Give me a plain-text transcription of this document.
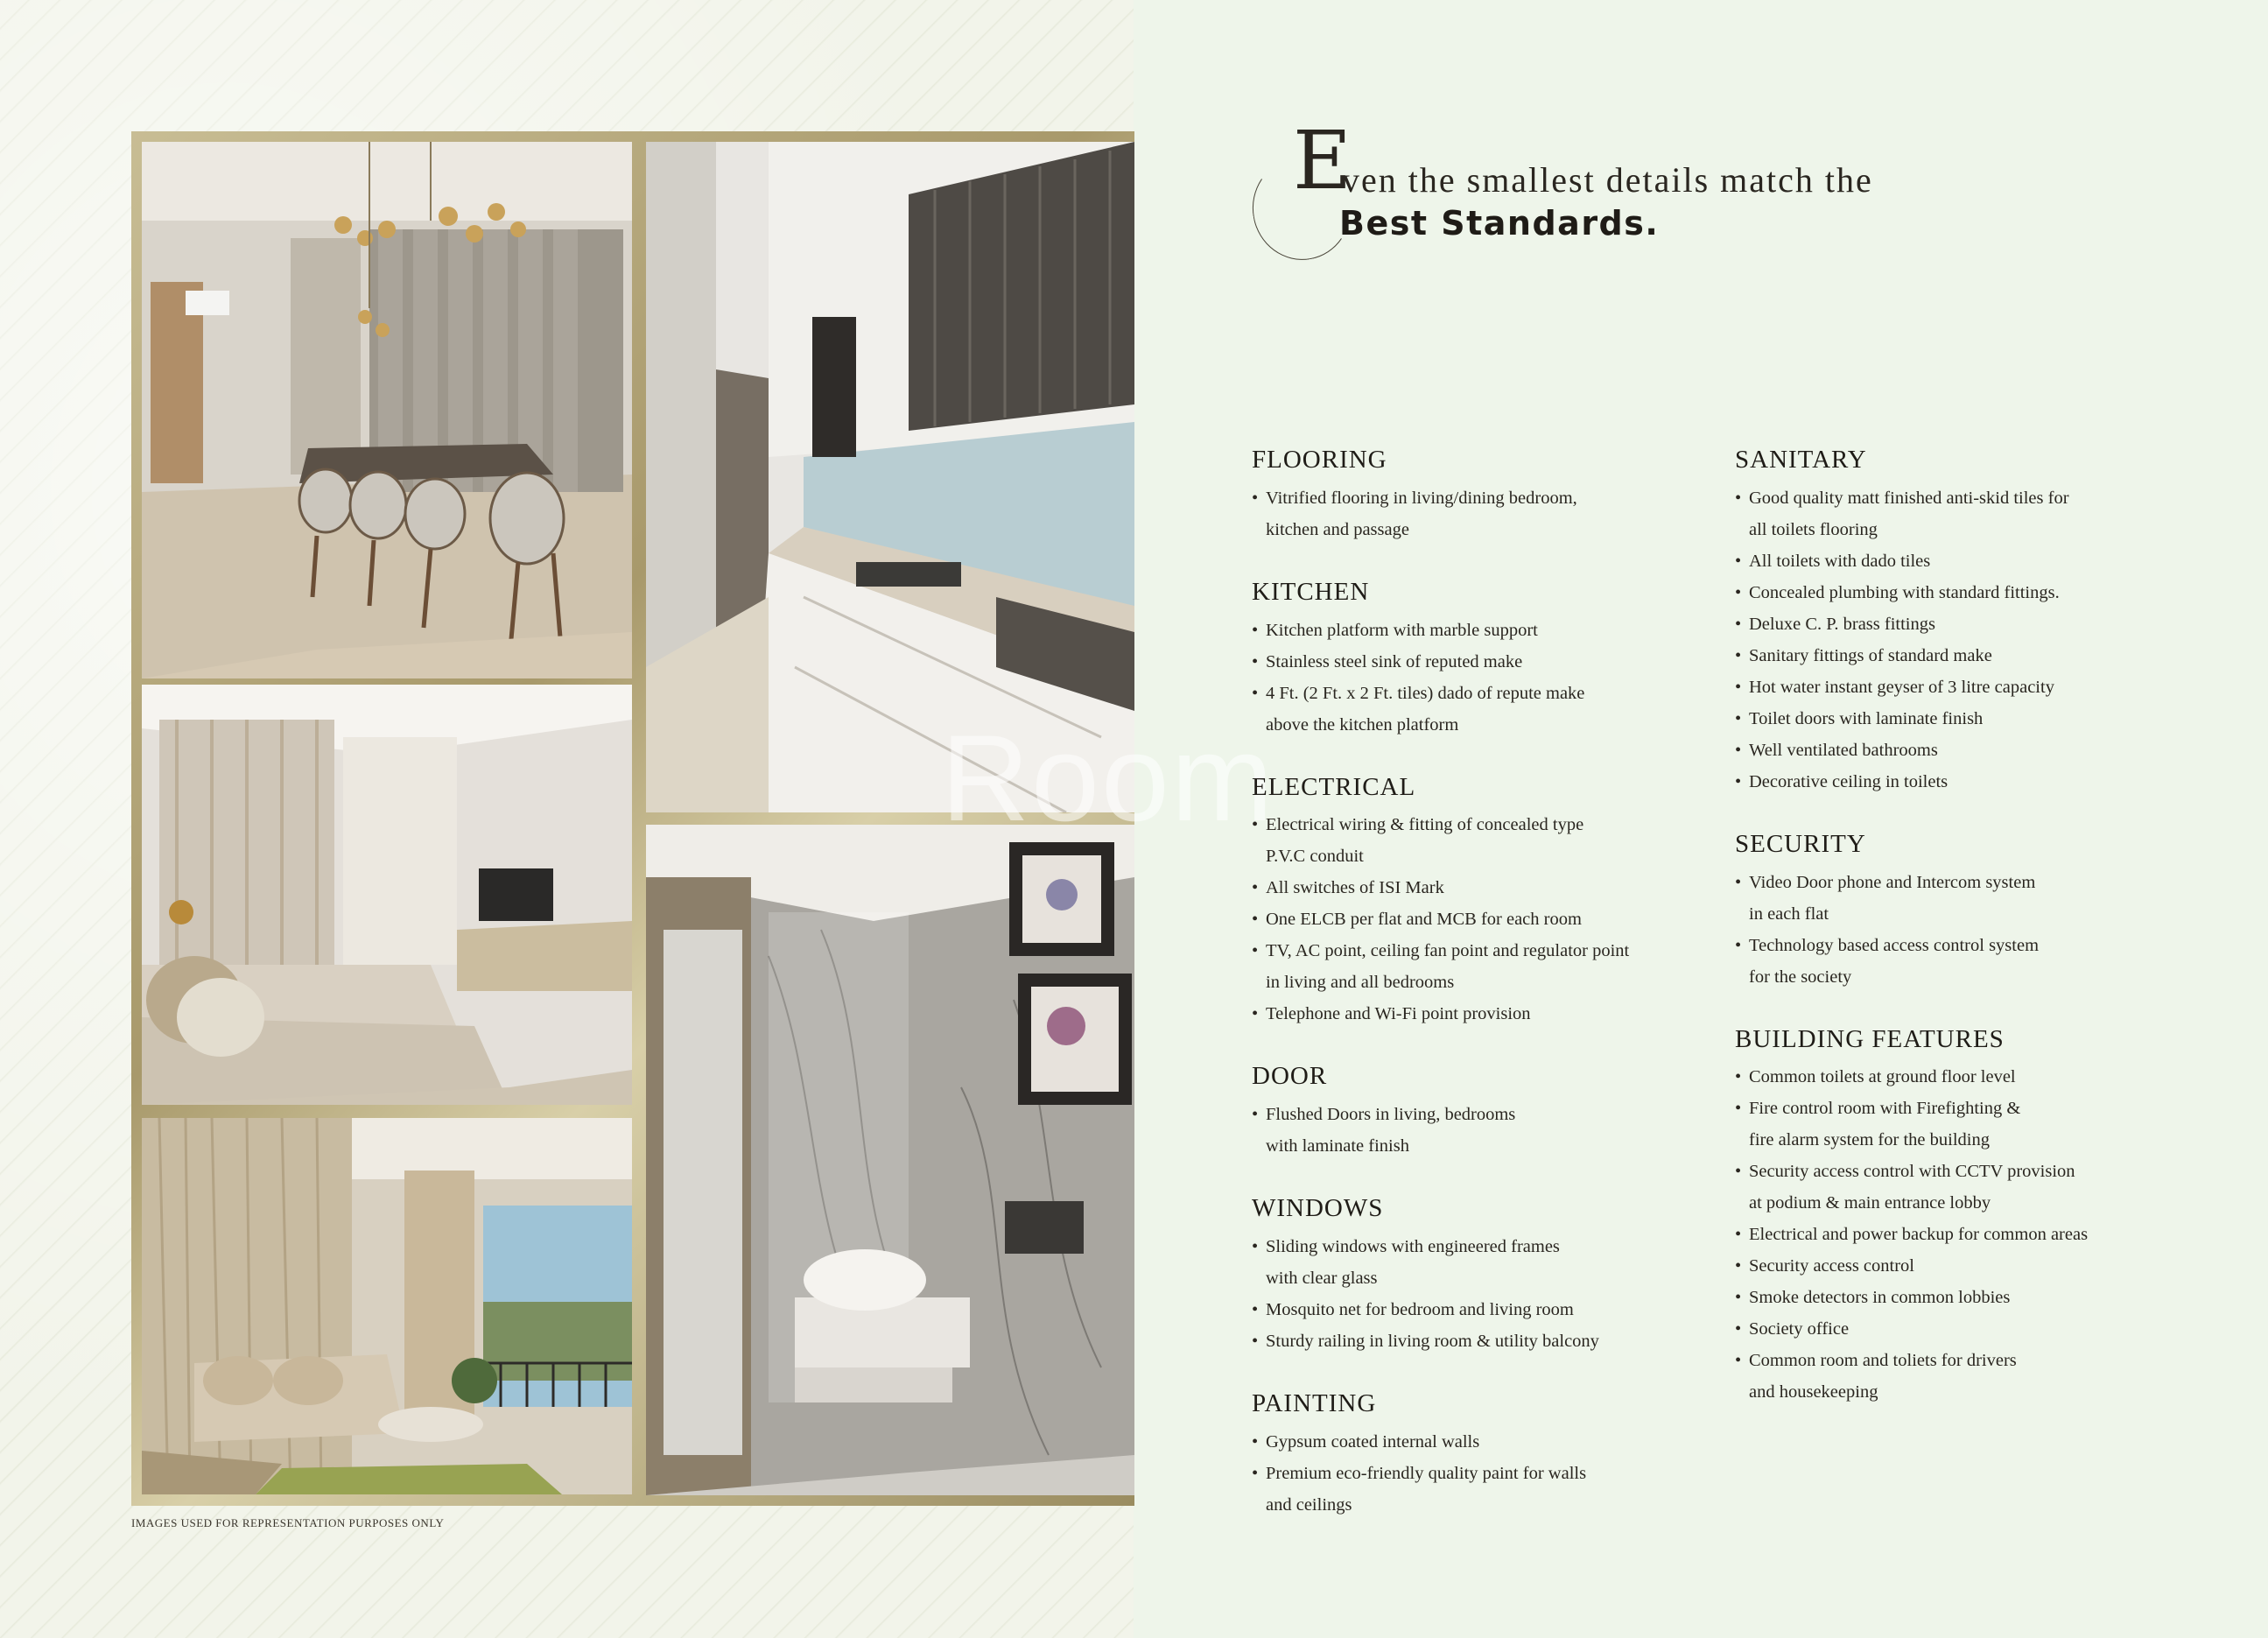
Room
IMAGES USED FOR REPRESENTATION PURPOSES ONLY
E
ven the smallest details match the
Best Standards.
FLOORING
• Vitrified flooring in living/dining bedroom,
kitchen and passage
KITCHEN
• Kitchen platform with marble support
• Stainless steel sink of reputed make
• 4 Ft. (2 Ft. x 2 Ft. tiles) dado of repute make
above the kitchen platform
ELECTRICAL
• Electrical wiring & fitting of concealed type
P.V.C conduit
• All switches of ISI Mark
• One ELCB per flat and MCB for each room
• TV, AC point, ceiling fan point and regulator point
in living and all bedrooms
• Telephone and Wi-Fi point provision
DOOR
• Flushed Doors in living, bedrooms
with laminate finish
WINDOWS
• Sliding windows with engineered frames
with clear glass
• Mosquito net for bedroom and living room
• Sturdy railing in living room & utility balcony
PAINTING
• Gypsum coated internal walls
• Premium eco-friendly quality paint for walls
and ceilings
SANITARY
• Good quality matt finished anti-skid tiles for
all toilets flooring
• All toilets with dado tiles
• Concealed plumbing with standard fittings.
• Deluxe C. P. brass fittings
• Sanitary fittings of standard make
• Hot water instant geyser of 3 litre capacity
• Toilet doors with laminate finish
• Well ventilated bathrooms
• Decorative ceiling in toilets
SECURITY
• Video Door phone and Intercom system
in each flat
• Technology based access control system
for the society
BUILDING FEATURES
• Common toilets at ground floor level
• Fire control room with Firefighting &
fire alarm system for the building
• Security access control with CCTV provision
at podium & main entrance lobby
• Electrical and power backup for common areas
• Security access control
• Smoke detectors in common lobbies
• Society office
• Common room and toliets for drivers
and housekeeping
